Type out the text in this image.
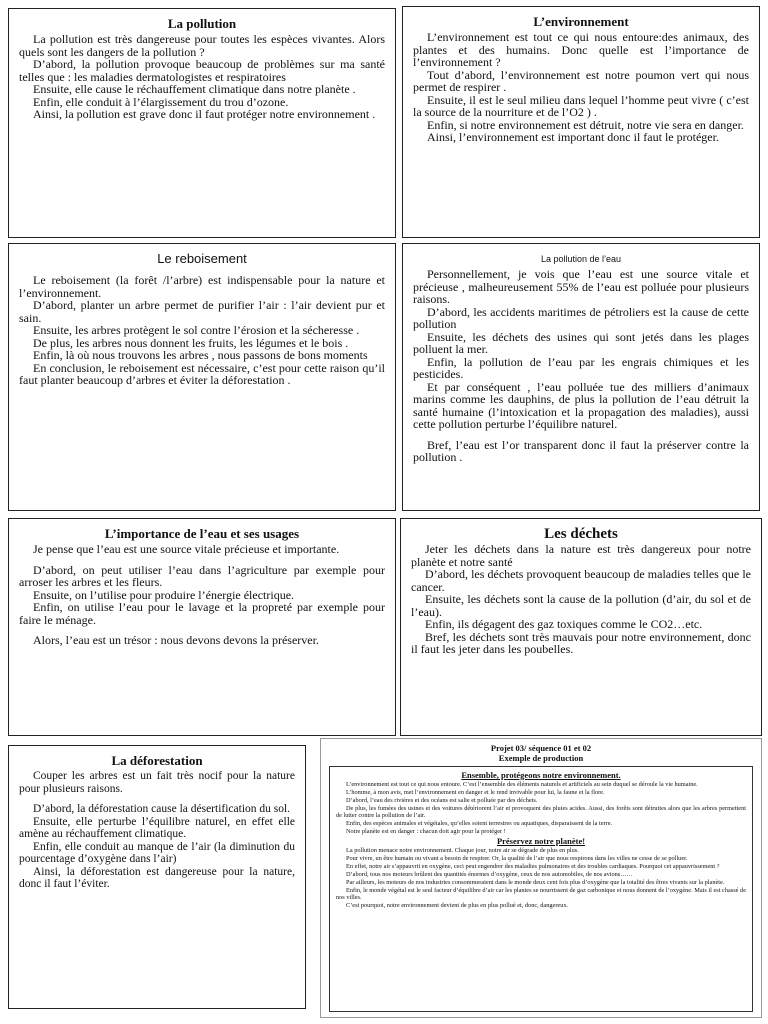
La pollution

La pollution est très dangereuse pour toutes les espèces vivantes. Alors quels sont les dangers de la pollution ?

D’abord, la pollution provoque beaucoup de problèmes sur ma santé telles que : les maladies dermatologistes et respiratoires

Ensuite, elle cause le réchauffement climatique dans notre planète .

Enfin, elle conduit à l’élargissement du trou d’ozone.

Ainsi, la pollution est grave donc il faut protéger notre environnement .

L’environnement

L’environnement est tout ce qui nous entoure:des animaux, des plantes et des humains. Donc quelle est l’importance de l’environnement ?

Tout d’abord, l’environnement est notre poumon vert qui nous permet de respirer .

Ensuite, il est le seul milieu dans lequel l’homme peut vivre ( c’est la source de la nourriture et de l’O2 ) .

Enfin, si notre environnement est détruit, notre vie sera en danger.

Ainsi, l’environnement est important donc il faut le protéger.

Le reboisement

Le reboisement (la forêt /l’arbre) est indispensable pour la nature et l’environnement.

D’abord, planter un arbre permet de purifier l’air : l’air devient pur et sain.

Ensuite, les arbres protègent le sol contre l’érosion et la sécheresse .

De plus, les arbres nous donnent les fruits, les légumes et le bois .

Enfin, là où nous trouvons les arbres , nous passons de bons moments

En conclusion, le reboisement est nécessaire, c’est pour cette raison qu’il faut planter beaucoup d’arbres et éviter la déforestation .

La pollution de l’eau

Personnellement, je vois que l’eau est une source vitale et précieuse , malheureusement 55% de l’eau est polluée pour plusieurs raisons.

D’abord, les accidents maritimes de pétroliers est la cause de cette pollution

Ensuite, les déchets des usines qui sont jetés dans les plages polluent la mer.

Enfin, la pollution de l’eau par les engrais chimiques et les pesticides.

Et par conséquent , l’eau polluée tue des milliers d’animaux marins comme les dauphins, de plus la pollution de l’eau détruit la santé humaine (l’intoxication et la propagation des maladies), aussi cette pollution perturbe l’équilibre naturel.

Bref, l’eau est l’or transparent donc il faut la préserver contre la pollution .

L’importance de l’eau et ses usages

Je pense que l’eau est une source vitale précieuse et importante.

D’abord, on peut utiliser l’eau dans l’agriculture par exemple pour arroser les arbres et les fleurs.

Ensuite, on l’utilise pour produire l’énergie électrique.

Enfin, on utilise l’eau pour le lavage et la propreté par exemple pour faire le ménage.

Alors, l’eau est un trésor : nous devons devons la préserver.

Les déchets

Jeter les déchets dans la nature est très dangereux pour notre planète et notre santé

D’abord, les déchets provoquent beaucoup de maladies telles que le cancer.

Ensuite, les déchets sont la cause de la pollution (d’air, du sol et de l’eau).

Enfin, ils dégagent des gaz toxiques comme le CO2…etc.

Bref, les déchets sont très mauvais pour notre environnement, donc il faut les jeter dans les poubelles.

La déforestation

Couper les arbres est un fait très nocif pour la nature pour plusieurs raisons.

D’abord, la déforestation cause la désertification du sol.

Ensuite, elle perturbe l’équilibre naturel, en effet elle amène au réchauffement climatique.

Enfin, elle conduit au manque de l’air (la diminution du pourcentage d’oxygène dans l’air)

Ainsi, la déforestation est dangereuse pour la nature, donc il faut l’éviter.

Projet 03/ séquence 01 et 02
Exemple de production
Ensemble, protégeons notre environnement.

L’environnement est tout ce qui nous entoure. C’est l’ensemble des éléments naturels et artificiels au sein duquel se déroule la vie humaine.

L’homme, à mon avis, met l’environnement en danger et le rend invivable pour lui, la faune et la flore.

D’abord, l’eau des rivières et des océans est salie et polluée par des déchets.

De plus, les fumées des usines et des voitures détériorent l’air et provoquent des pluies acides. Aussi, des forêts sont détruites alors que les arbres permettent de lutter contre la pollution de l’air.

Enfin, des espèces animales et végétales, qu’elles soient terrestres ou aquatiques, disparaissent de la terre.

Notre planète est en danger : chacun doit agir pour la protéger !

Préservez notre planète!

La pollution menace notre environnement. Chaque jour, notre air se dégrade de plus en plus.

Pour vivre, un être humain ou vivant a besoin de respirer. Or, la qualité de l’air que nous respirons dans les villes ne cesse de se polluer.

En effet, notre air s’appauvrit en oxygène, ceci peut engendrer des maladies pulmonaires et des troubles cardiaques. Pourquoi cet appauvrissement ?

D’abord, tous nos moteurs brûlent des quantités énormes d’oxygène, ceux de nos automobiles, de nos avions……

Par ailleurs, les moteurs de nos industries consommeraient dans le monde deux cent fois plus d’oxygène que la totalité des êtres vivants sur la planète.

Enfin, le monde végétal est le seul facteur d’équilibre d’air car les plantes se nourrissent de gaz carbonique et nous donnent de l’oxygène. Mais il est chassé de nos villes.

C’est pourquoi, notre environnement devient de plus en plus pollué et, donc, dangereux.
